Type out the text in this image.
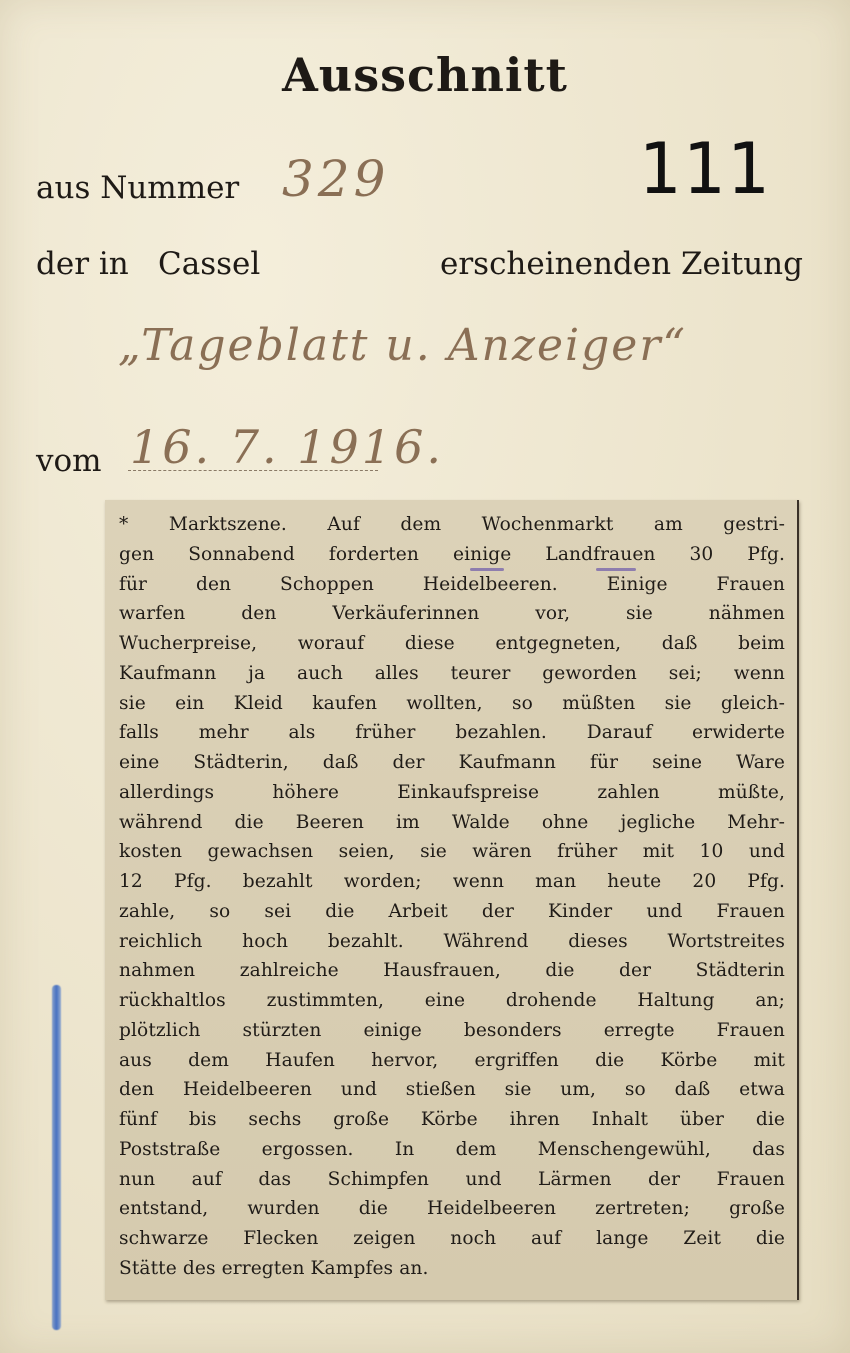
Ausschnitt
aus Nummer 329	111
der in Cassel	erscheinenden Zeitung
„Tageblatt u. Anzeiger“
vom 16. 7. 1916.
* Marktszene. Auf dem Wochenmarkt am gestri-
gen Sonnabend forderten einige Landfrauen 30 Pfg.
für den Schoppen Heidelbeeren. Einige Frauen
warfen den Verkäuferinnen vor, sie nähmen
Wucherpreise, worauf diese entgegneten, daß beim
Kaufmann ja auch alles teurer geworden sei; wenn
sie ein Kleid kaufen wollten, so müßten sie gleich-
falls mehr als früher bezahlen. Darauf erwiderte
eine Städterin, daß der Kaufmann für seine Ware
allerdings höhere Einkaufspreise zahlen müßte,
während die Beeren im Walde ohne jegliche Mehr-
kosten gewachsen seien, sie wären früher mit 10 und
12 Pfg. bezahlt worden; wenn man heute 20 Pfg.
zahle, so sei die Arbeit der Kinder und Frauen
reichlich hoch bezahlt. Während dieses Wortstreites
nahmen zahlreiche Hausfrauen, die der Städterin
rückhaltlos zustimmten, eine drohende Haltung an;
plötzlich stürzten einige besonders erregte Frauen
aus dem Haufen hervor, ergriffen die Körbe mit
den Heidelbeeren und stießen sie um, so daß etwa
fünf bis sechs große Körbe ihren Inhalt über die
Poststraße ergossen. In dem Menschengewühl, das
nun auf das Schimpfen und Lärmen der Frauen
entstand, wurden die Heidelbeeren zertreten; große
schwarze Flecken zeigen noch auf lange Zeit die
Stätte des erregten Kampfes an.
